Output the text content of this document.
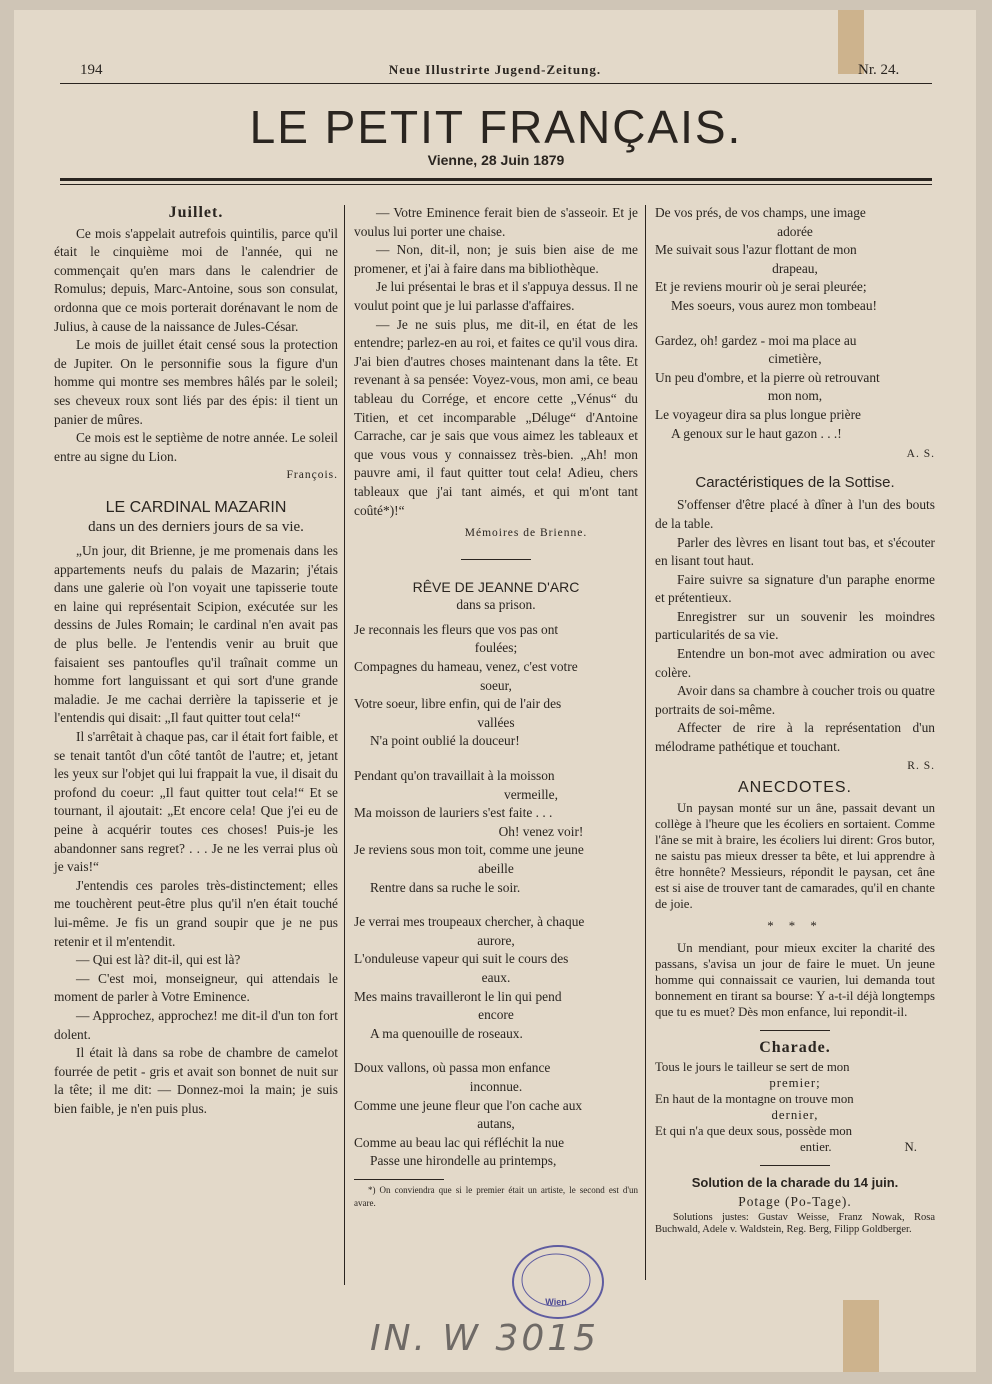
194	Neue Illustrirte Jugend-Zeitung.	Nr. 24.
LE PETIT FRANÇAIS.
Vienne, 28 Juin 1879

Juillet.

Ce mois s'appelait autrefois quintilis, parce qu'il était le cinquième moi de l'année, qui ne commençait qu'en mars dans le calendrier de Romulus; depuis, Marc-Antoine, sous son consulat, ordonna que ce mois porterait dorénavant le nom de Julius, à cause de la naissance de Jules-César.

Le mois de juillet était censé sous la protection de Jupiter. On le personnifie sous la figure d'un homme qui montre ses membres hâlés par le soleil; ses cheveux roux sont liés par des épis: il tient un panier de mûres.

Ce mois est le septième de notre année. Le soleil entre au signe du Lion.

François.

LE CARDINAL MAZARIN

dans un des derniers jours de sa vie.

„Un jour, dit Brienne, je me promenais dans les appartements neufs du palais de Mazarin; j'étais dans une galerie où l'on voyait une tapisserie toute en laine qui représentait Scipion, exécutée sur les dessins de Jules Romain; le cardinal n'en avait pas de plus belle. Je l'entendis venir au bruit que faisaient ses pantoufles qu'il traînait comme un homme fort languissant et qui sort d'une grande maladie. Je me cachai derrière la tapisserie et je l'entendis qui disait: „Il faut quitter tout cela!“

Il s'arrêtait à chaque pas, car il était fort faible, et se tenait tantôt d'un côté tantôt de l'autre; et, jetant les yeux sur l'objet qui lui frappait la vue, il disait du profond du coeur: „Il faut quitter tout cela!“ Et se tournant, il ajoutait: „Et encore cela! Que j'ei eu de peine à acquérir toutes ces choses! Puis-je les abandonner sans regret? . . . Je ne les verrai plus où je vais!“

J'entendis ces paroles très-distinctement; elles me touchèrent peut-être plus qu'il n'en était touché lui-même. Je fis un grand soupir que je ne pus retenir et il m'entendit.

— Qui est là? dit-il, qui est là?

— C'est moi, monseigneur, qui attendais le moment de parler à Votre Eminence.

— Approchez, approchez! me dit-il d'un ton fort dolent.

Il était là dans sa robe de chambre de camelot fourrée de petit - gris et avait son bonnet de nuit sur la tête; il me dit: — Donnez-moi la main; je suis bien faible, je n'en puis plus.

— Votre Eminence ferait bien de s'asseoir. Et je voulus lui porter une chaise.

— Non, dit-il, non; je suis bien aise de me promener, et j'ai à faire dans ma bibliothèque.

Je lui présentai le bras et il s'appuya dessus. Il ne voulut point que je lui parlasse d'affaires.

— Je ne suis plus, me dit-il, en état de les entendre; parlez-en au roi, et faites ce qu'il vous dira. J'ai bien d'autres choses maintenant dans la tête. Et revenant à sa pensée: Voyez-vous, mon ami, ce beau tableau du Corrége, et encore cette „Vénus“ du Titien, et cet incomparable „Déluge“ d'Antoine Carrache, car je sais que vous aimez les tableaux et que vous vous y connaissez très-bien. „Ah! mon pauvre ami, il faut quitter tout cela! Adieu, chers tableaux que j'ai tant aimés, et qui m'ont tant coûté*)!“

Mémoires de Brienne.

RÊVE DE JEANNE D'ARC

dans sa prison.

Je reconnais les fleurs que vos pas ont
foulées;
Compagnes du hameau, venez, c'est votre
soeur,
Votre soeur, libre enfin, qui de l'air des
vallées
N'a point oublié la douceur!
Pendant qu'on travaillait à la moisson
vermeille,
Ma moisson de lauriers s'est faite . . .
Oh! venez voir!
Je reviens sous mon toit, comme une jeune
abeille
Rentre dans sa ruche le soir.
Je verrai mes troupeaux chercher, à chaque
aurore,
L'onduleuse vapeur qui suit le cours des
eaux.
Mes mains travailleront le lin qui pend
encore
A ma quenouille de roseaux.
Doux vallons, où passa mon enfance
inconnue.
Comme une jeune fleur que l'on cache aux
autans,
Comme au beau lac qui réfléchit la nue
Passe une hirondelle au printemps,

*) On conviendra que si le premier était un artiste, le second est d'un avare.

De vos prés, de vos champs, une image
adorée
Me suivait sous l'azur flottant de mon
drapeau,
Et je reviens mourir où je serai pleurée;
Mes soeurs, vous aurez mon tombeau!
Gardez, oh! gardez - moi ma place au
cimetière,
Un peu d'ombre, et la pierre où retrouvant
mon nom,
Le voyageur dira sa plus longue prière
A genoux sur le haut gazon . . .!

A. S.

Caractéristiques de la Sottise.

S'offenser d'être placé à dîner à l'un des bouts de la table.

Parler des lèvres en lisant tout bas, et s'écouter en lisant tout haut.

Faire suivre sa signature d'un paraphe enorme et prétentieux.

Enregistrer sur un souvenir les moindres particularités de sa vie.

Entendre un bon-mot avec admiration ou avec colère.

Avoir dans sa chambre à coucher trois ou quatre portraits de soi-même.

Affecter de rire à la représentation d'un mélodrame pathétique et touchant.

R. S.

ANECDOTES.

Un paysan monté sur un âne, passait devant un collège à l'heure que les écoliers en sortaient. Comme l'âne se mit à braire, les écoliers lui dirent: Gros butor, ne saistu pas mieux dresser ta bête, et lui apprendre à être honnête? Messieurs, répondit le paysan, cet âne est si aise de trouver tant de camarades, qu'il en chante de joie.

* * *

Un mendiant, pour mieux exciter la charité des passans, s'avisa un jour de faire le muet. Un jeune homme qui connaissait ce vaurien, lui demanda tout bonnement en tirant sa bourse: Y a-t-il déjà longtemps que tu es muet? Dès mon enfance, lui repondit-il.

Charade.

Tous le jours le tailleur se sert de mon
premier;
En haut de la montagne on trouve mon
dernier,
Et qui n'a que deux sous, possède mon
entier.	N.

Solution de la charade du 14 juin.

Potage (Po-Tage).

Solutions justes: Gustav Weisse, Franz Nowak, Rosa Buchwald, Adele v. Waldstein, Reg. Berg, Filipp Goldberger.

Wien
IN. W 3015
